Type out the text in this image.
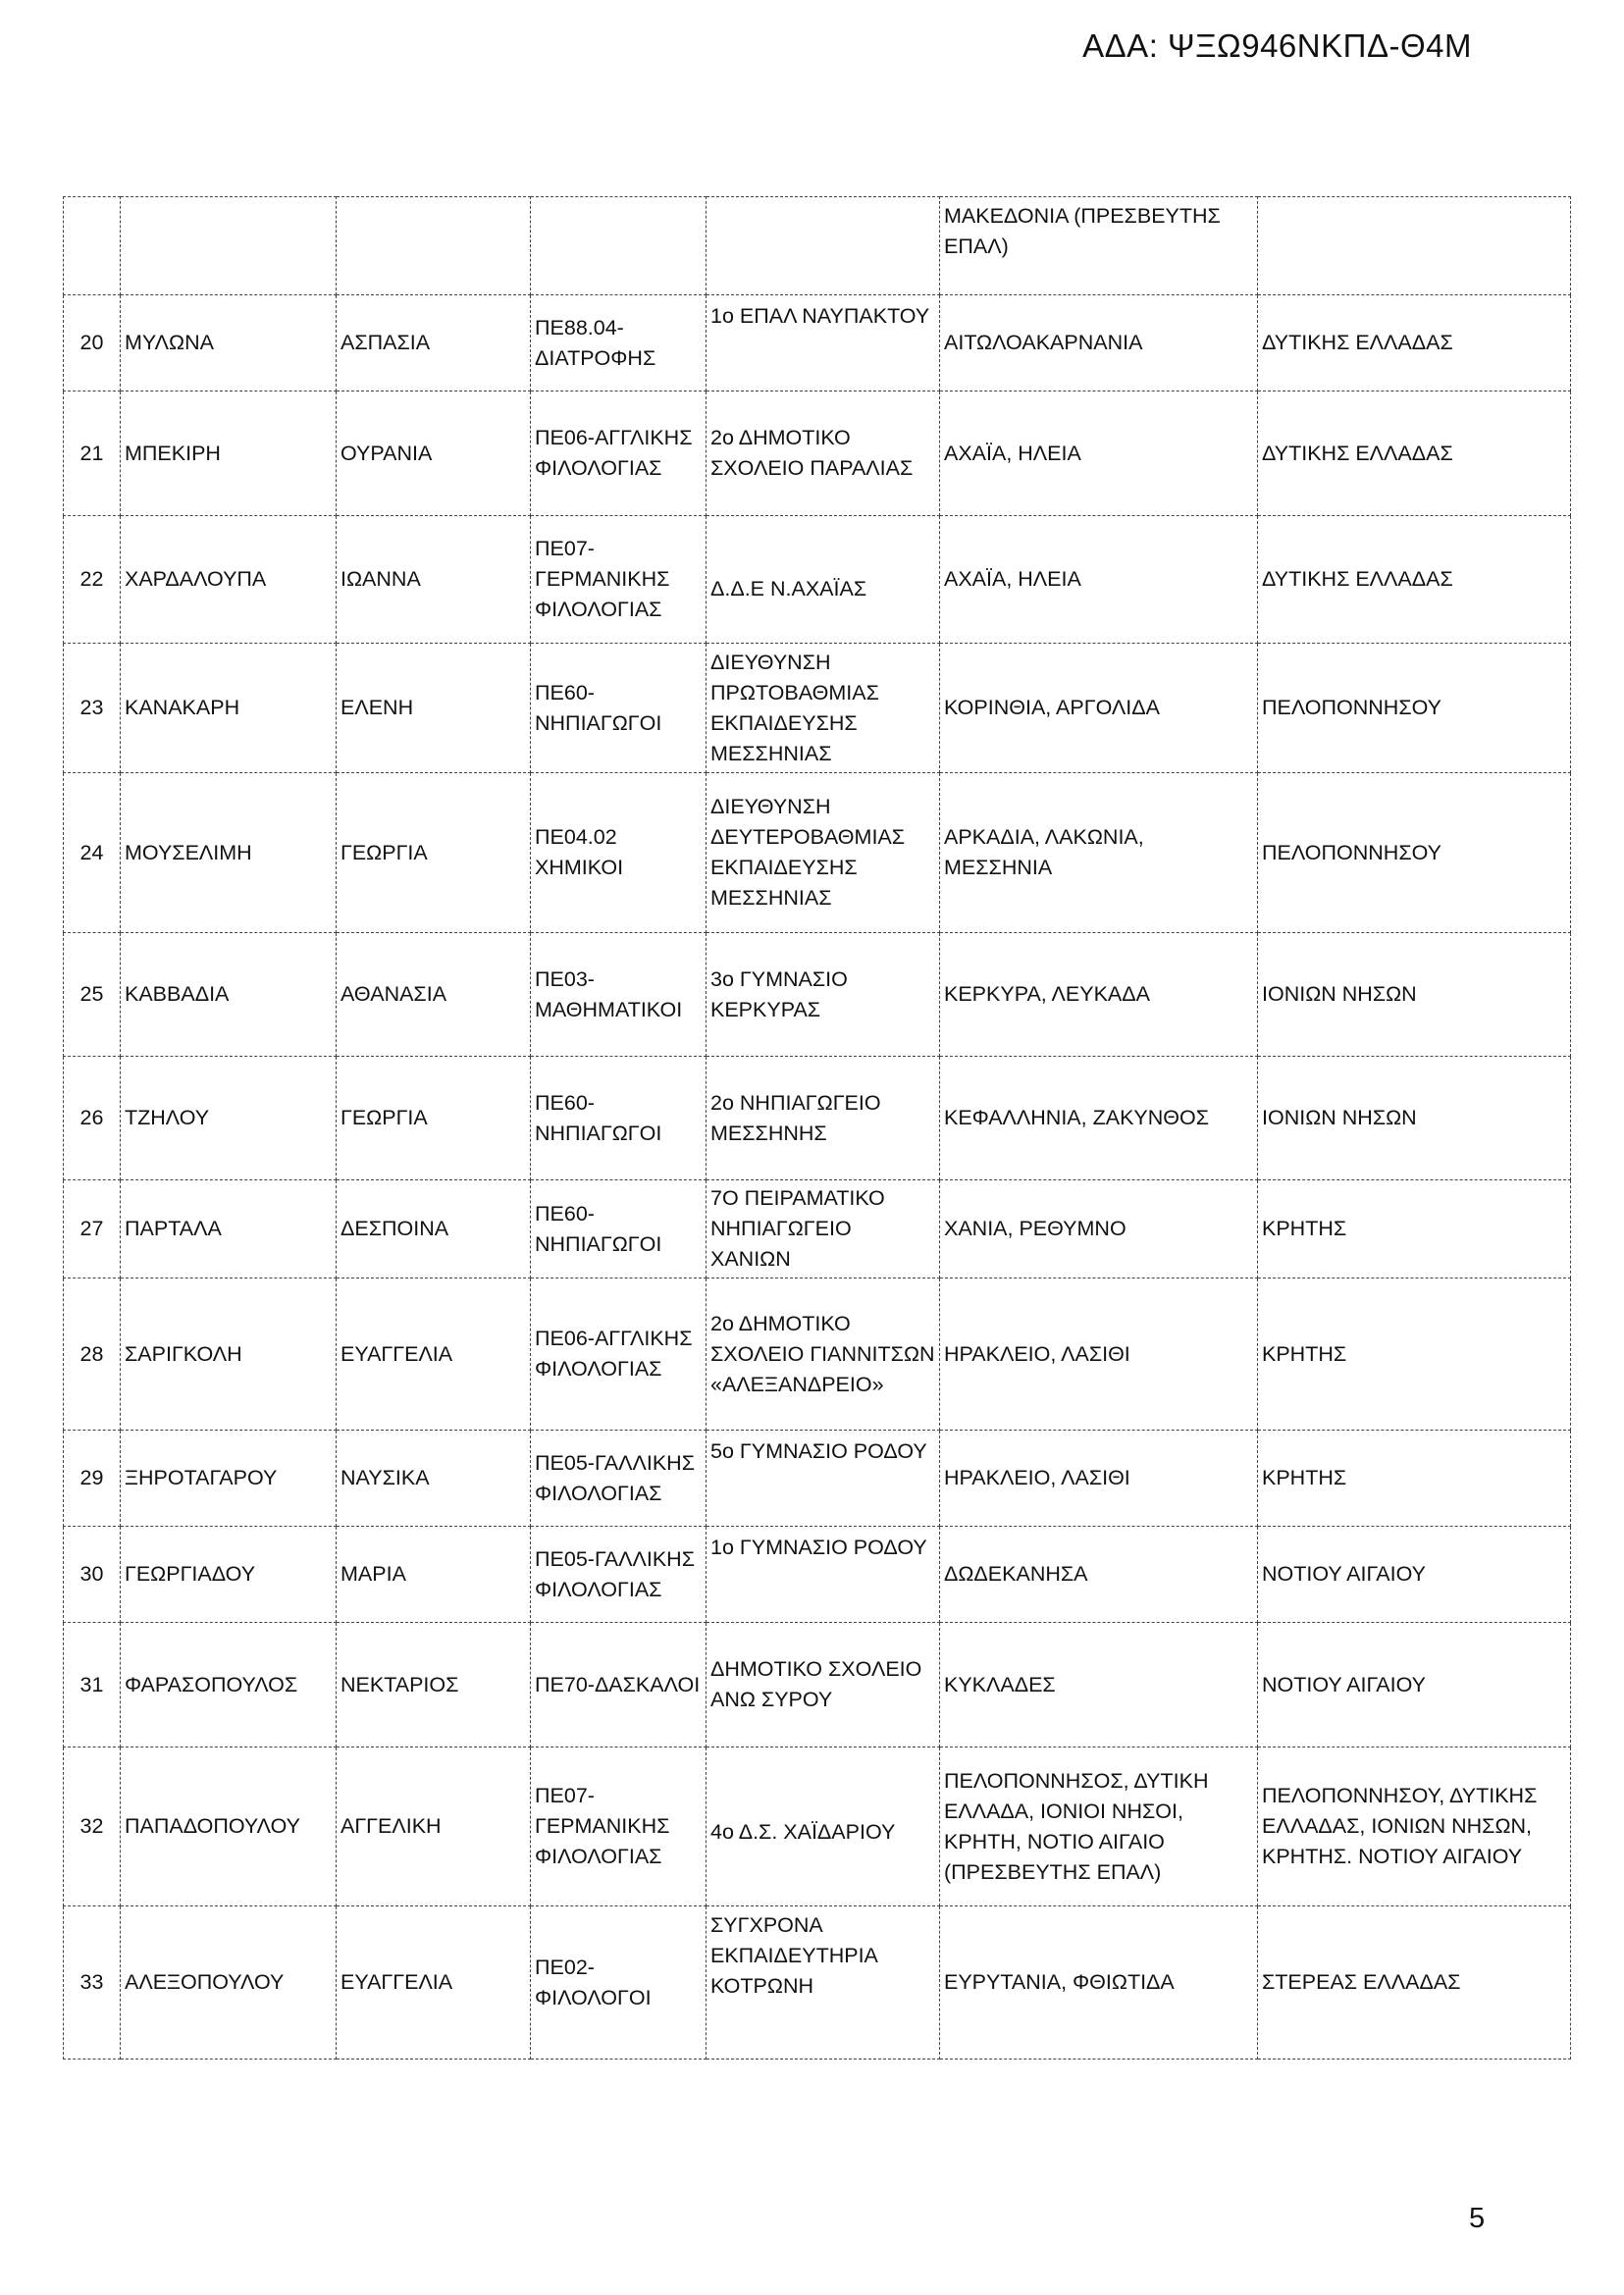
ΑΔΑ: ΨΞΩ946ΝΚΠΔ-Θ4Μ

					ΜΑΚΕΔΟΝΙΑ (ΠΡΕΣΒΕΥΤΗΣ
ΕΠΑΛ)	

20	ΜΥΛΩΝΑ	ΑΣΠΑΣΙΑ	ΠΕ88.04-
ΔΙΑΤΡΟΦΗΣ	1ο ΕΠΑΛ ΝΑΥΠΑΚΤΟΥ	ΑΙΤΩΛΟΑΚΑΡΝΑΝΙΑ	ΔΥΤΙΚΗΣ ΕΛΛΑΔΑΣ

21	ΜΠΕΚΙΡΗ	ΟΥΡΑΝΙΑ	ΠΕ06-ΑΓΓΛΙΚΗΣ
ΦΙΛΟΛΟΓΙΑΣ	2ο ΔΗΜΟΤΙΚΟ
ΣΧΟΛΕΙΟ ΠΑΡΑΛΙΑΣ	ΑΧΑΪΑ, ΗΛΕΙΑ	ΔΥΤΙΚΗΣ ΕΛΛΑΔΑΣ

22	ΧΑΡΔΑΛΟΥΠΑ	ΙΩΑΝΝΑ	ΠΕ07-
ΓΕΡΜΑΝΙΚΗΣ
ΦΙΛΟΛΟΓΙΑΣ	Δ.Δ.Ε Ν.ΑΧΑΪΑΣ	ΑΧΑΪΑ, ΗΛΕΙΑ	ΔΥΤΙΚΗΣ ΕΛΛΑΔΑΣ

23	ΚΑΝΑΚΑΡΗ	ΕΛΕΝΗ	ΠΕ60-
ΝΗΠΙΑΓΩΓΟΙ	ΔΙΕΥΘΥΝΣΗ
ΠΡΩΤΟΒΑΘΜΙΑΣ
ΕΚΠΑΙΔΕΥΣΗΣ
ΜΕΣΣΗΝΙΑΣ	ΚΟΡΙΝΘΙΑ, ΑΡΓΟΛΙΔΑ	ΠΕΛΟΠΟΝΝΗΣΟΥ

24	ΜΟΥΣΕΛΙΜΗ	ΓΕΩΡΓΙΑ	ΠΕ04.02
ΧΗΜΙΚΟΙ	ΔΙΕΥΘΥΝΣΗ
ΔΕΥΤΕΡΟΒΑΘΜΙΑΣ
ΕΚΠΑΙΔΕΥΣΗΣ
ΜΕΣΣΗΝΙΑΣ	ΑΡΚΑΔΙΑ, ΛΑΚΩΝΙΑ,
ΜΕΣΣΗΝΙΑ	ΠΕΛΟΠΟΝΝΗΣΟΥ

25	ΚΑΒΒΑΔΙΑ	ΑΘΑΝΑΣΙΑ	ΠΕ03-
ΜΑΘΗΜΑΤΙΚΟΙ	3ο ΓΥΜΝΑΣΙΟ
ΚΕΡΚΥΡΑΣ	ΚΕΡΚΥΡΑ, ΛΕΥΚΑΔΑ	ΙΟΝΙΩΝ ΝΗΣΩΝ

26	ΤΖΗΛΟΥ	ΓΕΩΡΓΙΑ	ΠΕ60-
ΝΗΠΙΑΓΩΓΟΙ	2ο ΝΗΠΙΑΓΩΓΕΙΟ
ΜΕΣΣΗΝΗΣ	ΚΕΦΑΛΛΗΝΙΑ, ΖΑΚΥΝΘΟΣ	ΙΟΝΙΩΝ ΝΗΣΩΝ

27	ΠΑΡΤΑΛΑ	ΔΕΣΠΟΙΝΑ	ΠΕ60-
ΝΗΠΙΑΓΩΓΟΙ	7Ο ΠΕΙΡΑΜΑΤΙΚΟ
ΝΗΠΙΑΓΩΓΕΙΟ ΧΑΝΙΩΝ	ΧΑΝΙΑ, ΡΕΘΥΜΝΟ	ΚΡΗΤΗΣ

28	ΣΑΡΙΓΚΟΛΗ	ΕΥΑΓΓΕΛΙΑ	ΠΕ06-ΑΓΓΛΙΚΗΣ
ΦΙΛΟΛΟΓΙΑΣ	2ο ΔΗΜΟΤΙΚΟ
ΣΧΟΛΕΙΟ ΓΙΑΝΝΙΤΣΩΝ
«ΑΛΕΞΑΝΔΡΕΙΟ»	ΗΡΑΚΛΕΙΟ, ΛΑΣΙΘΙ	ΚΡΗΤΗΣ

29	ΞΗΡΟΤΑΓΑΡΟΥ	ΝΑΥΣΙΚΑ	ΠΕ05-ΓΑΛΛΙΚΗΣ
ΦΙΛΟΛΟΓΙΑΣ	5ο ΓΥΜΝΑΣΙΟ ΡΟΔΟΥ	ΗΡΑΚΛΕΙΟ, ΛΑΣΙΘΙ	ΚΡΗΤΗΣ

30	ΓΕΩΡΓΙΑΔΟΥ	ΜΑΡΙΑ	ΠΕ05-ΓΑΛΛΙΚΗΣ
ΦΙΛΟΛΟΓΙΑΣ	1ο ΓΥΜΝΑΣΙΟ ΡΟΔΟΥ	ΔΩΔΕΚΑΝΗΣΑ	ΝΟΤΙΟΥ ΑΙΓΑΙΟΥ

31	ΦΑΡΑΣΟΠΟΥΛΟΣ	ΝΕΚΤΑΡΙΟΣ	ΠΕ70-ΔΑΣΚΑΛΟΙ	ΔΗΜΟΤΙΚΟ ΣΧΟΛΕΙΟ
ΑΝΩ ΣΥΡΟΥ	ΚΥΚΛΑΔΕΣ	ΝΟΤΙΟΥ ΑΙΓΑΙΟΥ

32	ΠΑΠΑΔΟΠΟΥΛΟΥ	ΑΓΓΕΛΙΚΗ	ΠΕ07-
ΓΕΡΜΑΝΙΚΗΣ
ΦΙΛΟΛΟΓΙΑΣ	4ο Δ.Σ. ΧΑΪΔΑΡΙΟΥ	ΠΕΛΟΠΟΝΝΗΣΟΣ, ΔΥΤΙΚΗ
ΕΛΛΑΔΑ, ΙΟΝΙΟΙ ΝΗΣΟΙ,
ΚΡΗΤΗ, ΝΟΤΙΟ ΑΙΓΑΙΟ
(ΠΡΕΣΒΕΥΤΗΣ ΕΠΑΛ)	ΠΕΛΟΠΟΝΝΗΣΟΥ, ΔΥΤΙΚΗΣ
ΕΛΛΑΔΑΣ, ΙΟΝΙΩΝ ΝΗΣΩΝ,
ΚΡΗΤΗΣ. ΝΟΤΙΟΥ ΑΙΓΑΙΟΥ

33	ΑΛΕΞΟΠΟΥΛΟΥ	ΕΥΑΓΓΕΛΙΑ	ΠΕ02-
ΦΙΛΟΛΟΓΟΙ	ΣΥΓΧΡΟΝΑ
ΕΚΠΑΙΔΕΥΤΗΡΙΑ
ΚΟΤΡΩΝΗ	ΕΥΡΥΤΑΝΙΑ, ΦΘΙΩΤΙΔΑ	ΣΤΕΡΕΑΣ ΕΛΛΑΔΑΣ
5
